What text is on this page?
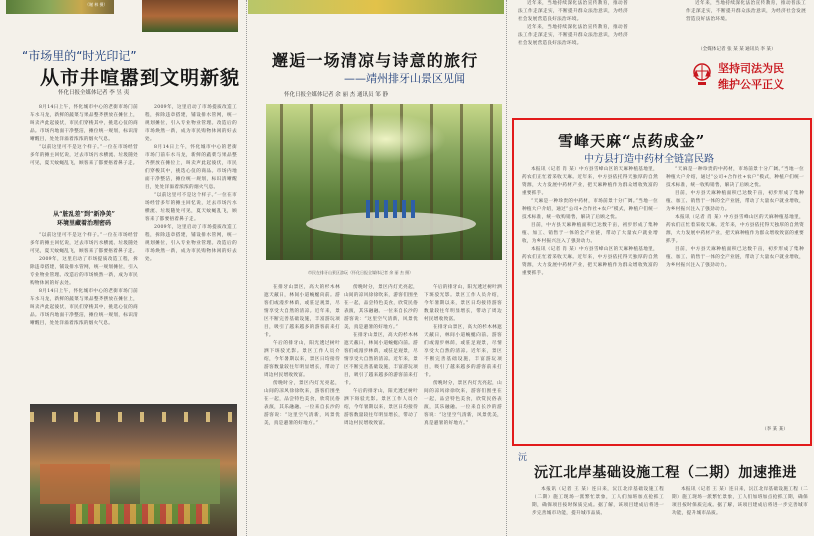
（谢 林 摄）
“市场里的“时光印记”
从市井喧嚣到文明新貌
怀化日报全媒体记者 李 昱 夷

8月14日上午，怀化城市中心的老街市场门前车水马龙，新鲜的蔬菜与果品整齐摆放在摊位上，叫卖声此起彼伏，市民们穿梭其中，挑选心仪的商品。市场内地面干净整洁，摊位统一规划，标识清晰醒目，处处洋溢着浓浓的烟火气息。

“以前这里可不是这个样子。”一位在市场经营多年的摊主回忆说，过去市场污水横流、垃圾随处可见，夏天蚊蝇乱飞，顾客来了都要捂着鼻子走。

从“脏乱差”到“新净美”
环境里藏着治理密码

“以前这里可不是这个样子。”一位在市场经营多年的摊主回忆说，过去市场污水横流、垃圾随处可见，夏天蚊蝇乱飞，顾客来了都要捂着鼻子走。

2009年，这里启动了市场提质改造工程，拆除违章搭建，铺设排水管网，统一规划摊位，引入专业物业管理。改造后的市场焕然一新，成为市民购物休闲的好去处。

8月14日上午，怀化城市中心的老街市场门前车水马龙，新鲜的蔬菜与果品整齐摆放在摊位上，叫卖声此起彼伏，市民们穿梭其中，挑选心仪的商品。市场内地面干净整洁，摊位统一规划，标识清晰醒目，处处洋溢着浓浓的烟火气息。

2009年，这里启动了市场提质改造工程，拆除违章搭建，铺设排水管网，统一规划摊位，引入专业物业管理。改造后的市场焕然一新，成为市民购物休闲的好去处。

8月14日上午，怀化城市中心的老街市场门前车水马龙，新鲜的蔬菜与果品整齐摆放在摊位上，叫卖声此起彼伏，市民们穿梭其中，挑选心仪的商品。市场内地面干净整洁，摊位统一规划，标识清晰醒目，处处洋溢着浓浓的烟火气息。

“以前这里可不是这个样子。”一位在市场经营多年的摊主回忆说，过去市场污水横流、垃圾随处可见，夏天蚊蝇乱飞，顾客来了都要捂着鼻子走。

2009年，这里启动了市场提质改造工程，拆除违章搭建，铺设排水管网，统一规划摊位，引入专业物业管理。改造后的市场焕然一新，成为市民购物休闲的好去处。

邂逅一场清凉与诗意的旅行
——靖州排牙山景区见闻
怀化日报全媒体记者 余 丽 杰 通讯员 邹 静
市民在排牙山景区游玩（怀化日报全媒体记者 余 丽 杰 摄）

在排牙山景区，高大的杉木林遮天蔽日，林间小道蜿蜒向前。游客们或漫步林荫，或驻足观景，尽情享受大自然的清凉。近年来，景区不断完善基础设施，丰富游玩项目，吸引了越来越多的游客前来打卡。

午后的排牙山，阳光透过树叶洒下斑驳光影。景区工作人员介绍，今年暑期以来，景区日均接待游客数量较往年明显增长，带动了周边村民增收致富。

傍晚时分，景区内灯光亮起，山间的凉风徐徐吹来，游客们围坐在一起，品尝特色美食，欣赏民俗表演，其乐融融。一位来自长沙的游客说：“这里空气清新，风景优美，真是避暑的好地方。”

傍晚时分，景区内灯光亮起，山间的凉风徐徐吹来，游客们围坐在一起，品尝特色美食，欣赏民俗表演，其乐融融。一位来自长沙的游客说：“这里空气清新，风景优美，真是避暑的好地方。”

在排牙山景区，高大的杉木林遮天蔽日，林间小道蜿蜒向前。游客们或漫步林荫，或驻足观景，尽情享受大自然的清凉。近年来，景区不断完善基础设施，丰富游玩项目，吸引了越来越多的游客前来打卡。

午后的排牙山，阳光透过树叶洒下斑驳光影。景区工作人员介绍，今年暑期以来，景区日均接待游客数量较往年明显增长，带动了周边村民增收致富。

午后的排牙山，阳光透过树叶洒下斑驳光影。景区工作人员介绍，今年暑期以来，景区日均接待游客数量较往年明显增长，带动了周边村民增收致富。

在排牙山景区，高大的杉木林遮天蔽日，林间小道蜿蜒向前。游客们或漫步林荫，或驻足观景，尽情享受大自然的清凉。近年来，景区不断完善基础设施，丰富游玩项目，吸引了越来越多的游客前来打卡。

傍晚时分，景区内灯光亮起，山间的凉风徐徐吹来，游客们围坐在一起，品尝特色美食，欣赏民俗表演，其乐融融。一位来自长沙的游客说：“这里空气清新，风景优美，真是避暑的好地方。”

近年来，当地持续深化法治宣传教育，推动普法工作走深走实，不断提升群众法治意识，为经济社会发展营造良好法治环境。

近年来，当地持续深化法治宣传教育，推动普法工作走深走实，不断提升群众法治意识，为经济社会发展营造良好法治环境。

近年来，当地持续深化法治宣传教育，推动普法工作走深走实，不断提升群众法治意识，为经济社会发展营造良好法治环境。

（全媒体记者 张 某 某 通讯员 李 某）
坚持司法为民
维护公平正义
雪峰天麻“点药成金”
中方县打造中药材全链富民路

本报讯（记者 肖 某）中方县雪峰山区的天麻种植基地里，药农们正忙着采收天麻。近年来，中方县依托得天独厚的自然资源，大力发展中药材产业，把天麻种植作为群众增收致富的重要抓手。

“天麻是一种珍贵的中药材，市场前景十分广阔。”当地一位种植大户介绍，通过“公司+合作社+农户”模式，种植户们统一技术标准，统一收购销售，解决了后顾之忧。

目前，中方县天麻种植面积已达数千亩，初步形成了集种植、加工、销售于一体的全产业链，带动了大量农户就业增收，为乡村振兴注入了强劲动力。

本报讯（记者 肖 某）中方县雪峰山区的天麻种植基地里，药农们正忙着采收天麻。近年来，中方县依托得天独厚的自然资源，大力发展中药材产业，把天麻种植作为群众增收致富的重要抓手。

“天麻是一种珍贵的中药材，市场前景十分广阔。”当地一位种植大户介绍，通过“公司+合作社+农户”模式，种植户们统一技术标准，统一收购销售，解决了后顾之忧。

目前，中方县天麻种植面积已达数千亩，初步形成了集种植、加工、销售于一体的全产业链，带动了大量农户就业增收，为乡村振兴注入了强劲动力。

本报讯（记者 肖 某）中方县雪峰山区的天麻种植基地里，药农们正忙着采收天麻。近年来，中方县依托得天独厚的自然资源，大力发展中药材产业，把天麻种植作为群众增收致富的重要抓手。

目前，中方县天麻种植面积已达数千亩，初步形成了集种植、加工、销售于一体的全产业链，带动了大量农户就业增收，为乡村振兴注入了强劲动力。

（李 某 某）
沅
沅江北岸基础设施工程（二期）加速推进

本报讯（记者 王 某）连日来，沅江北岸基础设施工程（二期）施工现场一派繁忙景象，工人们加班加点抢抓工期，确保项目按时保质完成。据了解，该项目建成后将进一步完善城市功能，提升城市品质。

本报讯（记者 王 某）连日来，沅江北岸基础设施工程（二期）施工现场一派繁忙景象，工人们加班加点抢抓工期，确保项目按时保质完成。据了解，该项目建成后将进一步完善城市功能，提升城市品质。
